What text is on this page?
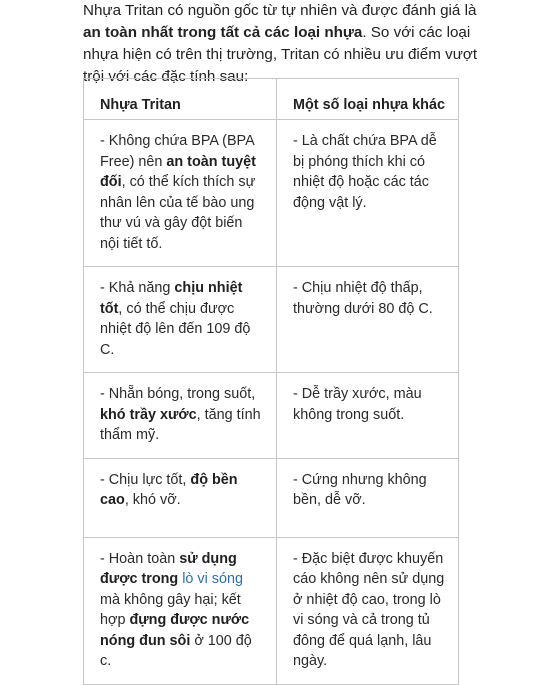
Nhựa Tritan có nguồn gốc từ tự nhiên và được đánh giá là an toàn nhất trong tất cả các loại nhựa. So với các loại nhựa hiện có trên thị trường, Tritan có nhiều ưu điểm vượt trội với các đặc tính sau:

Nhựa Tritan	Một số loại nhựa khác
- Không chứa BPA (BPA Free) nên an toàn tuyệt đối, có thể kích thích sự nhân lên của tế bào ung thư vú và gây đột biến nội tiết tố.	- Là chất chứa BPA dễ bị phóng thích khi có nhiệt độ hoặc các tác động vật lý.
- Khả năng chịu nhiệt tốt, có thể chịu được nhiệt độ lên đến 109 độ C.	- Chịu nhiệt độ thấp, thường dưới 80 độ C.
- Nhẵn bóng, trong suốt, khó trầy xước, tăng tính thẩm mỹ.	- Dễ trầy xước, màu không trong suốt.
- Chịu lực tốt, độ bền cao, khó vỡ.	- Cứng nhưng không bền, dễ vỡ.
- Hoàn toàn sử dụng được trong lò vi sóng mà không gây hại; kết hợp đựng được nước nóng đun sôi ở 100 độ c.	- Đặc biệt được khuyến cáo không nên sử dụng ở nhiệt độ cao, trong lò vi sóng và cả trong tủ đông để quá lạnh, lâu ngày.
